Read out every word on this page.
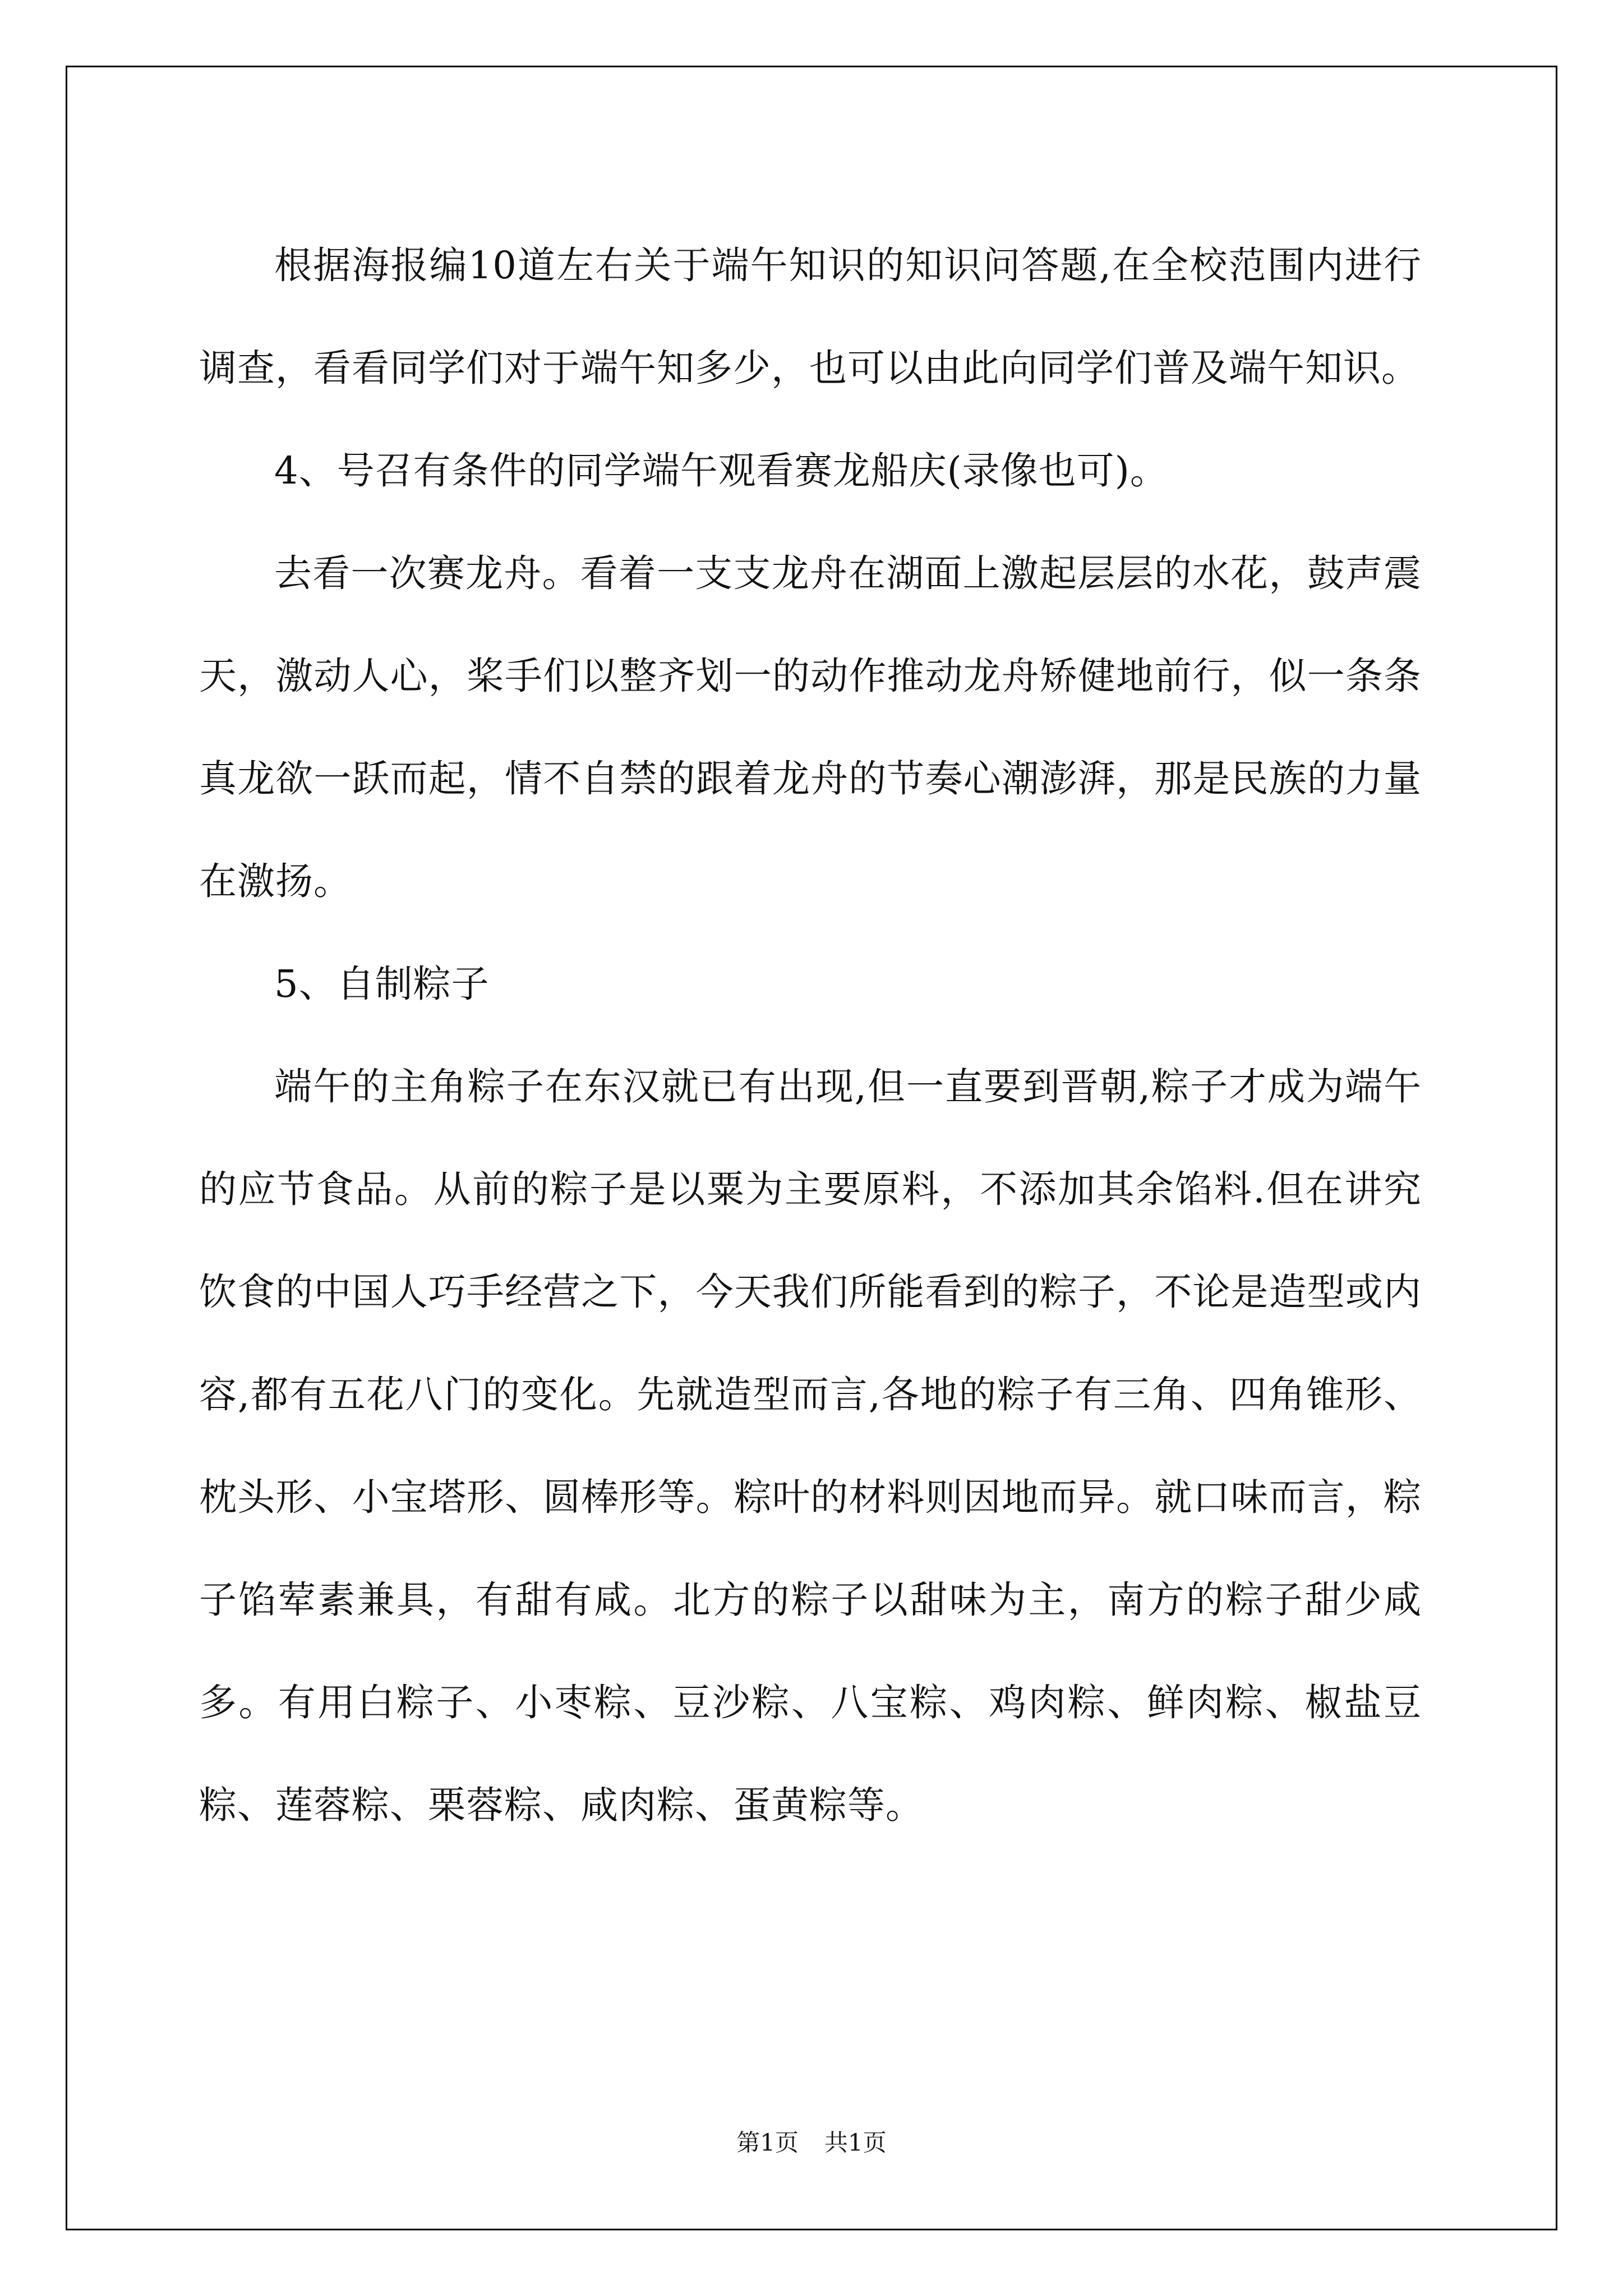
根据海报编10道左右关于端午知识的知识问答题,在全校范围内进行调查，看看同学们对于端午知多少，也可以由此向同学们普及端午知识。

4、号召有条件的同学端午观看赛龙船庆(录像也可)。

去看一次赛龙舟。看着一支支龙舟在湖面上激起层层的水花，鼓声震天，激动人心，桨手们以整齐划一的动作推动龙舟矫健地前行，似一条条真龙欲一跃而起，情不自禁的跟着龙舟的节奏心潮澎湃，那是民族的力量在激扬。

5、自制粽子

端午的主角粽子在东汉就已有出现,但一直要到晋朝,粽子才成为端午的应节食品。从前的粽子是以粟为主要原料，不添加其余馅料.但在讲究饮食的中国人巧手经营之下，今天我们所能看到的粽子，不论是造型或内容,都有五花八门的变化。先就造型而言,各地的粽子有三角、四角锥形、枕头形、小宝塔形、圆棒形等。粽叶的材料则因地而异。就口味而言，粽子馅荤素兼具，有甜有咸。北方的粽子以甜味为主，南方的粽子甜少咸多。有用白粽子、小枣粽、豆沙粽、八宝粽、鸡肉粽、鲜肉粽、椒盐豆粽、莲蓉粽、栗蓉粽、咸肉粽、蛋黄粽等。

第1页 共1页
